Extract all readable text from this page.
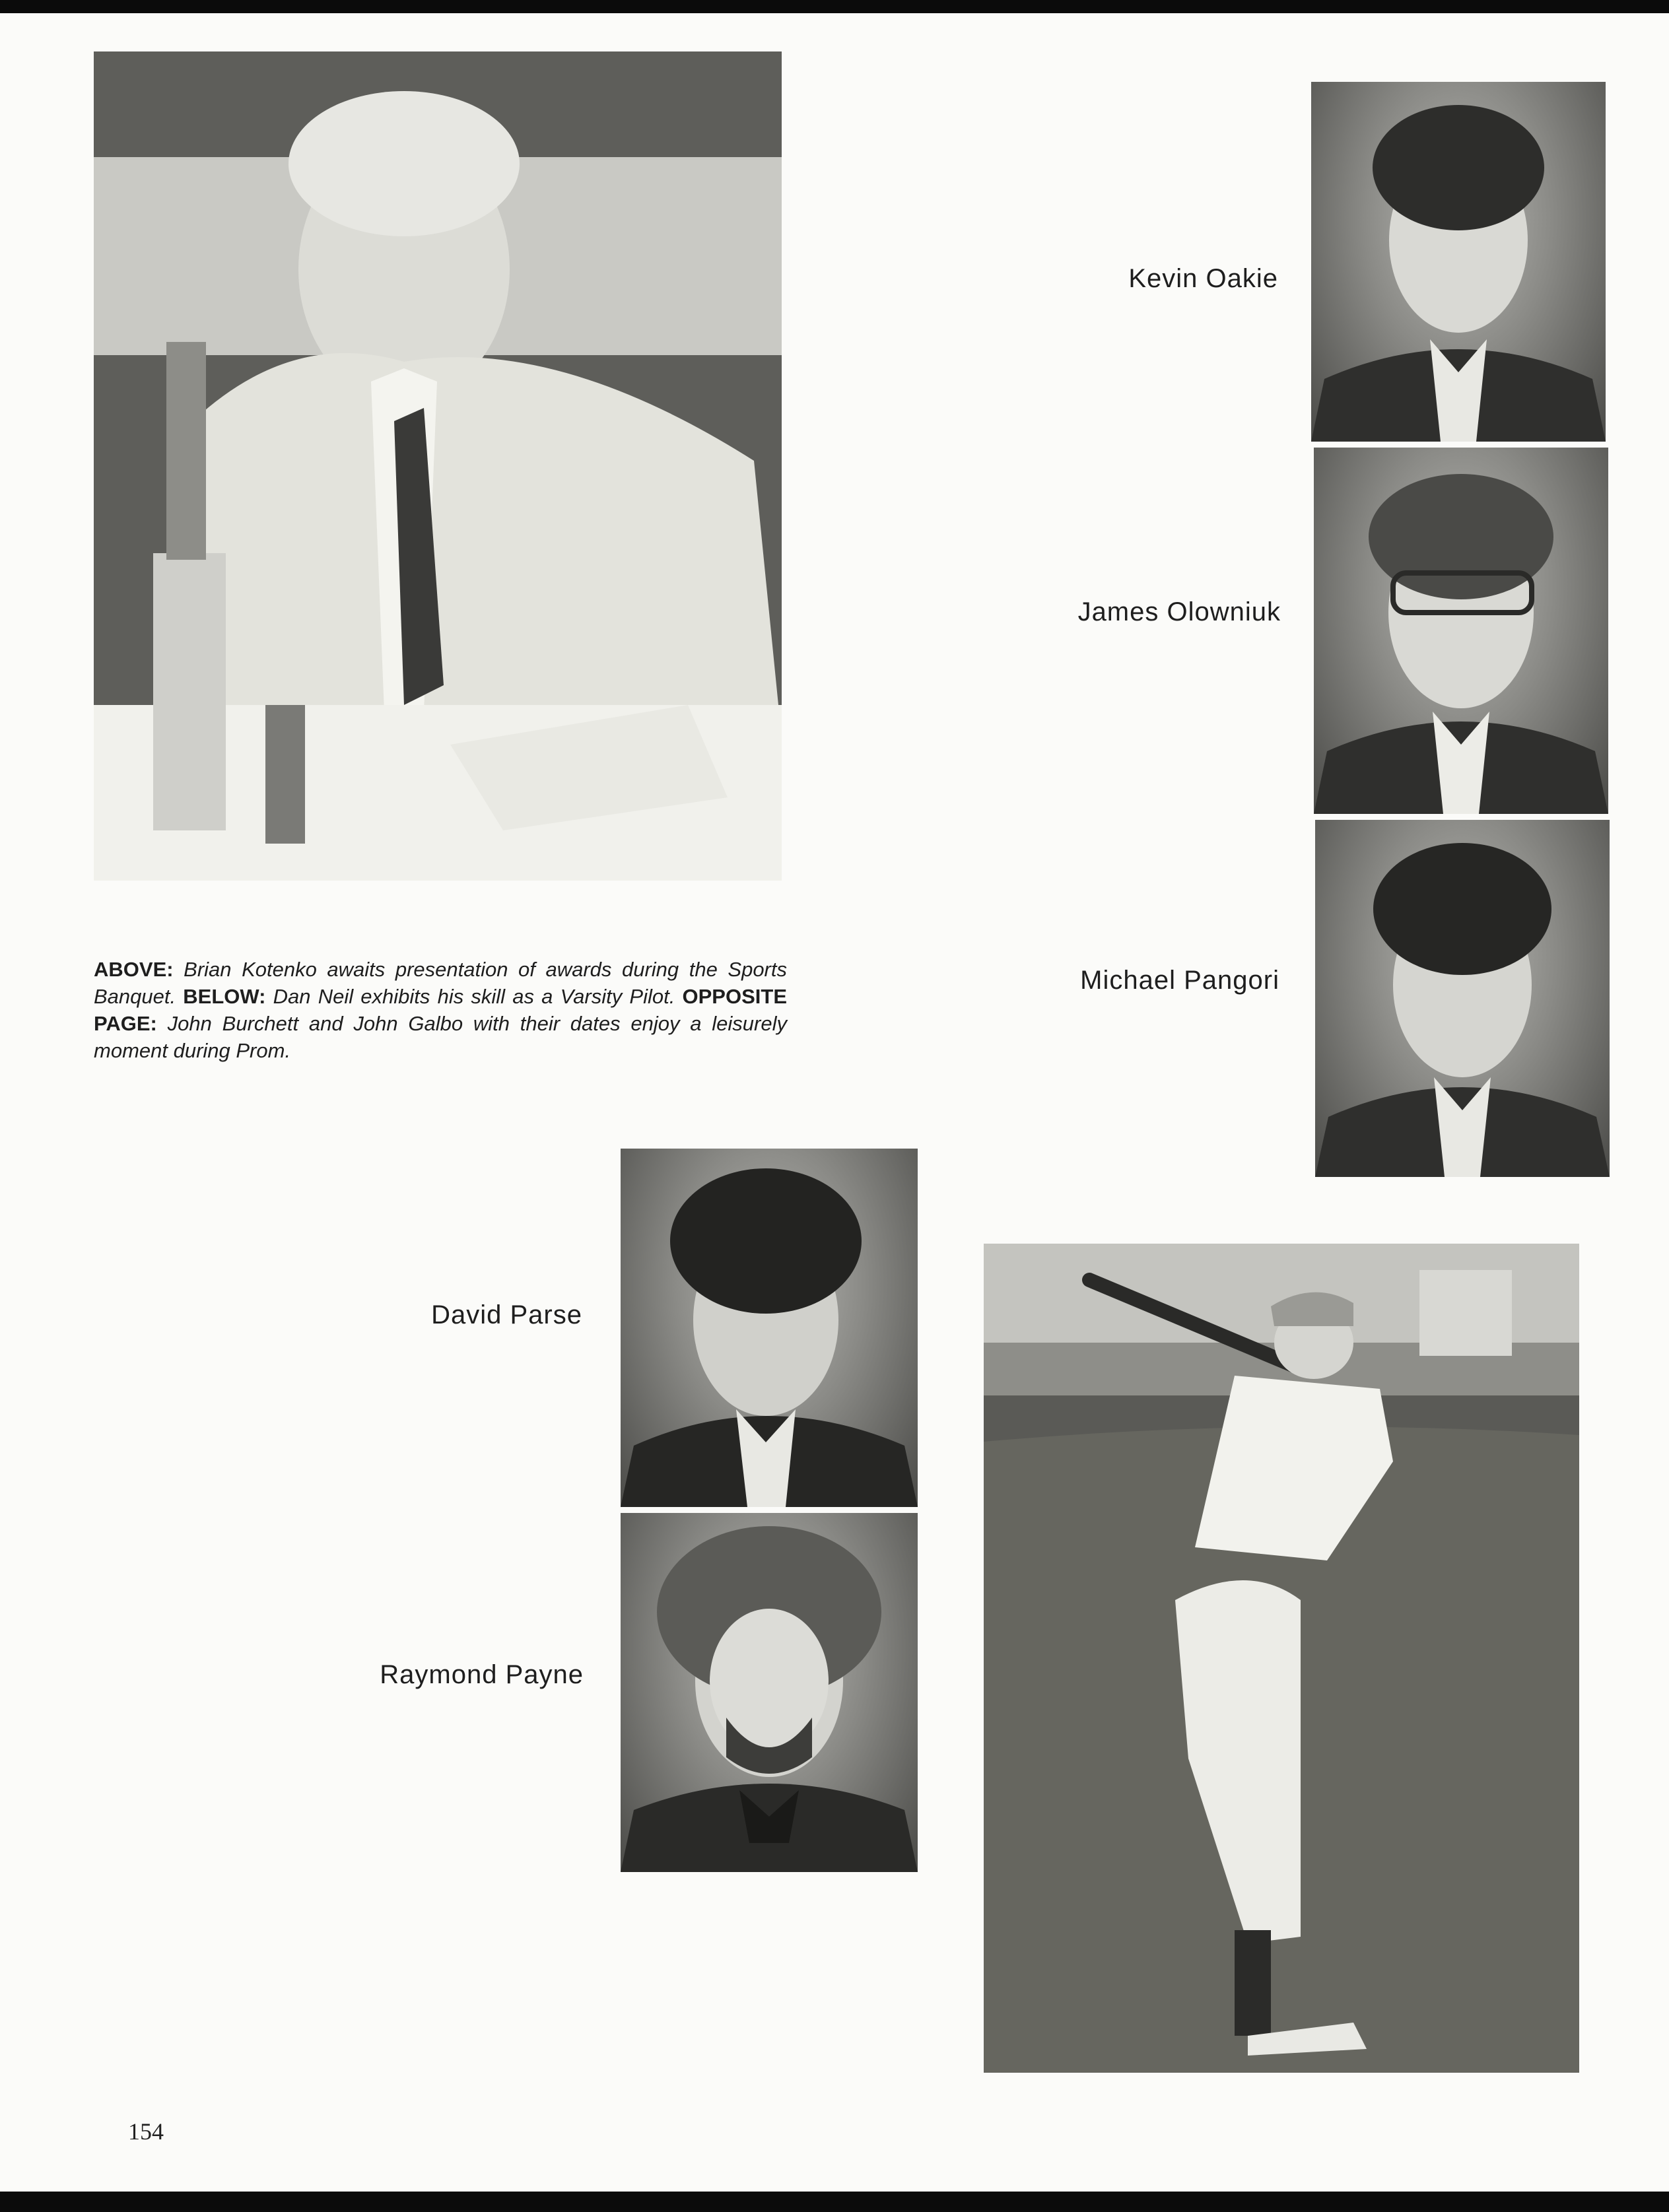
ABOVE: Brian Kotenko awaits presentation of awards during the Sports Banquet. BELOW: Dan Neil exhibits his skill as a Varsity Pilot. OPPOSITE PAGE: John Burchett and John Galbo with their dates enjoy a leisurely moment during Prom.
Kevin Oakie
James Olowniuk
Michael Pangori
David Parse
Raymond Payne
154
